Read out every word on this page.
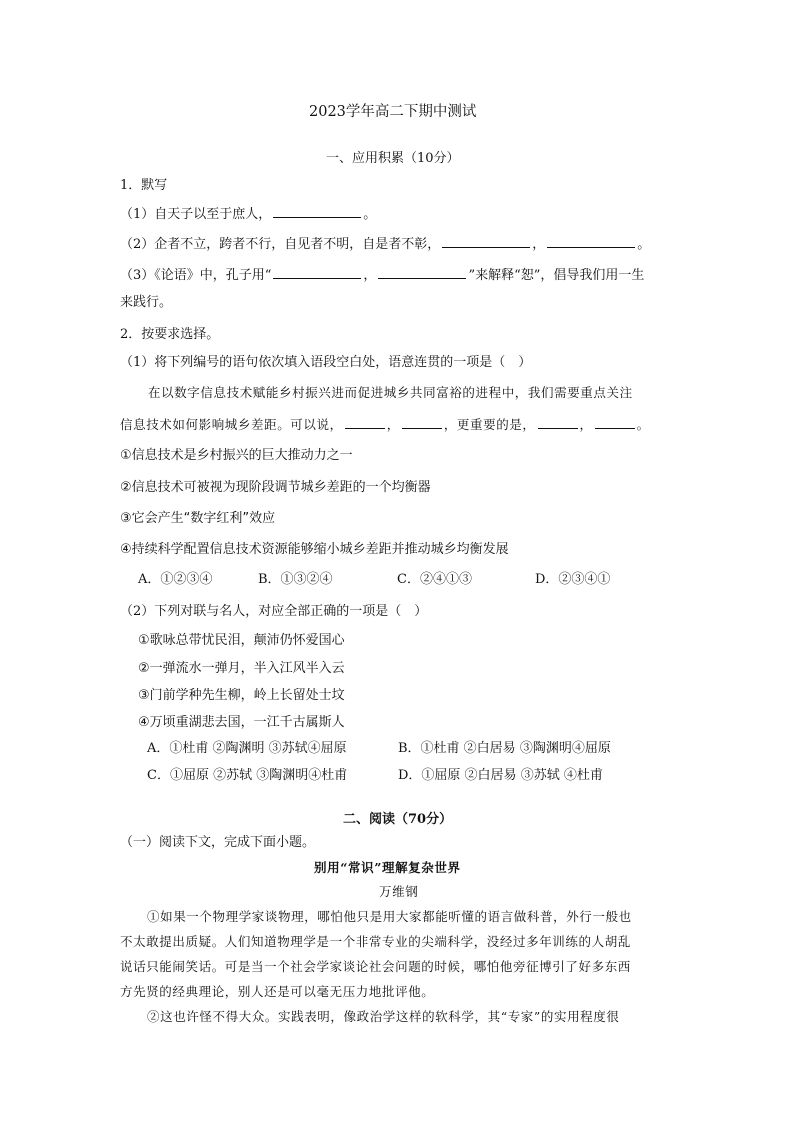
2023学年高二下期中测试
一、应用积累（10分）
1．默写
（1）自天子以至于庶人，	。
（2）企者不立，跨者不行，自见者不明，自是者不彰，	，	。
（3）《论语》中，孔子用“	，	”来解释“恕”，倡导我们用一生
来践行。
2．按要求选择。
（1）将下列编号的语句依次填入语段空白处，语意连贯的一项是（　）
在以数字信息技术赋能乡村振兴进而促进城乡共同富裕的进程中，我们需要重点关注
信息技术如何影响城乡差距。可以说，	，	，更重要的是，	，	。
①信息技术是乡村振兴的巨大推动力之一
②信息技术可被视为现阶段调节城乡差距的一个均衡器
③它会产生“数字红利”效应
④持续科学配置信息技术资源能够缩小城乡差距并推动城乡均衡发展
A．①②③④	B．①③②④	C．②④①③	D．②③④①
（2）下列对联与名人，对应全部正确的一项是（　）
①歌咏总带忧民泪，颠沛仍怀爱国心
②一弹流水一弹月，半入江风半入云
③门前学种先生柳，岭上长留处士坟
④万顷重湖悲去国，一江千古属斯人
A．①杜甫 ②陶渊明 ③苏轼④屈原	B．①杜甫 ②白居易 ③陶渊明④屈原
C．①屈原 ②苏轼 ③陶渊明④杜甫	D．①屈原 ②白居易 ③苏轼 ④杜甫
二、阅读（70分）
（一）阅读下文，完成下面小题。
别用“常识”理解复杂世界
万维钢
①如果一个物理学家谈物理，哪怕他只是用大家都能听懂的语言做科普，外行一般也
不太敢提出质疑。人们知道物理学是一个非常专业的尖端科学，没经过多年训练的人胡乱
说话只能闹笑话。可是当一个社会学家谈论社会问题的时候，哪怕他旁征博引了好多东西
方先贤的经典理论，别人还是可以毫无压力地批评他。
②这也许怪不得大众。实践表明，像政治学这样的软科学，其“专家”的实用程度很
